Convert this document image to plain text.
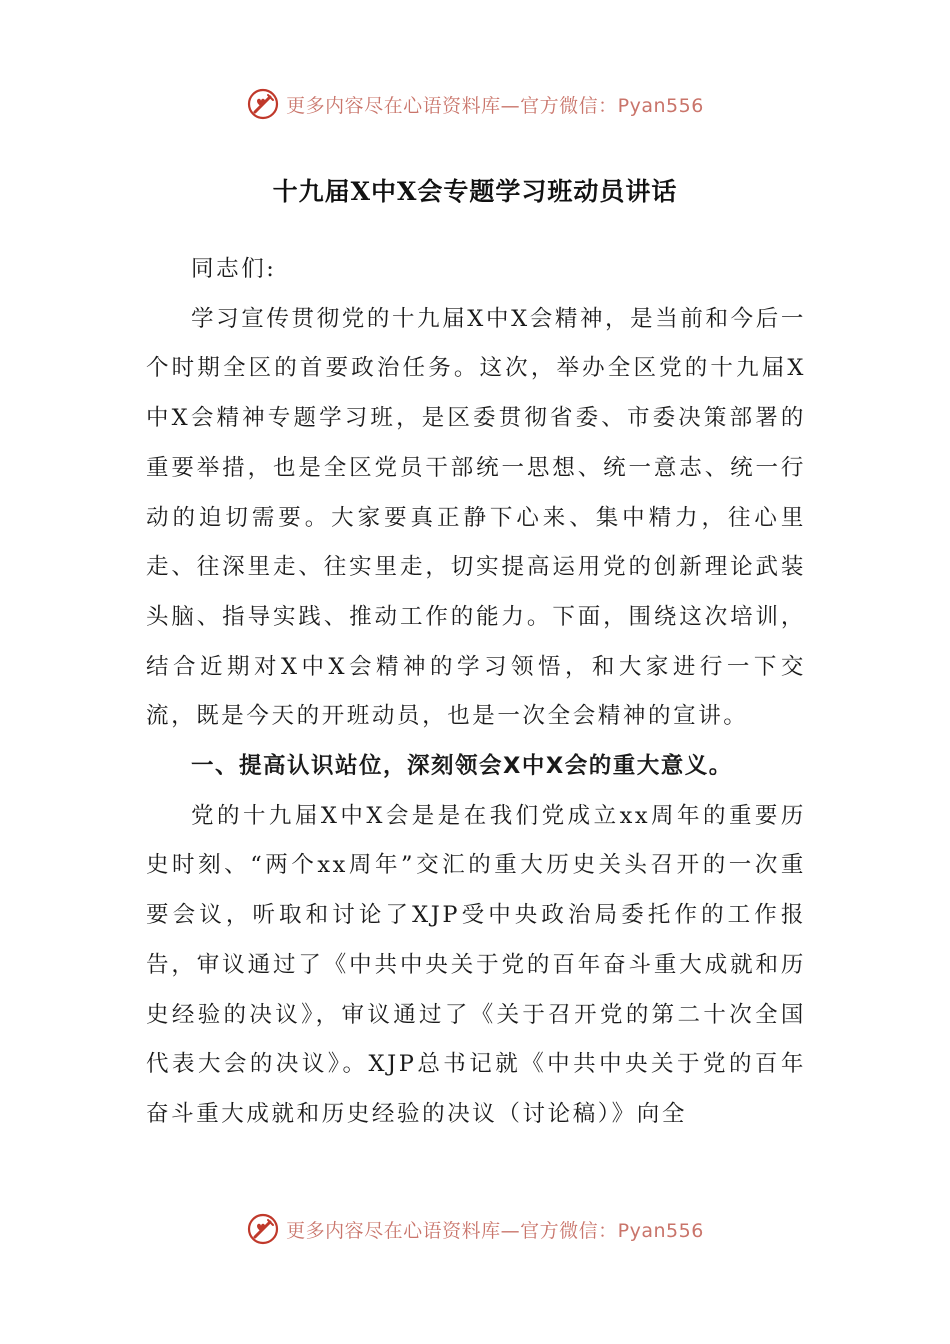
更多内容尽在心语资料库—官方微信：Pyan556
十九届X中X会专题学习班动员讲话

同志们:

学习宣传贯彻党的十九届X中X会精神，是当前和今后一个时期全区的首要政治任务。这次，举办全区党的十九届X中X会精神专题学习班，是区委贯彻省委、市委决策部署的重要举措，也是全区党员干部统一思想、统一意志、统一行动的迫切需要。大家要真正静下心来、集中精力，往心里走、往深里走、往实里走，切实提高运用党的创新理论武装头脑、指导实践、推动工作的能力。下面，围绕这次培训，结合近期对X中X会精神的学习领悟，和大家进行一下交流，既是今天的开班动员，也是一次全会精神的宣讲。

一、提高认识站位，深刻领会X中X会的重大意义。

党的十九届X中X会是是在我们党成立xx周年的重要历史时刻、“两个xx周年”交汇的重大历史关头召开的一次重要会议，听取和讨论了XJP受中央政治局委托作的工作报告，审议通过了《中共中央关于党的百年奋斗重大成就和历史经验的决议》，审议通过了《关于召开党的第二十次全国代表大会的决议》。XJP总书记就《中共中央关于党的百年奋斗重大成就和历史经验的决议（讨论稿）》向全

更多内容尽在心语资料库—官方微信：Pyan556
